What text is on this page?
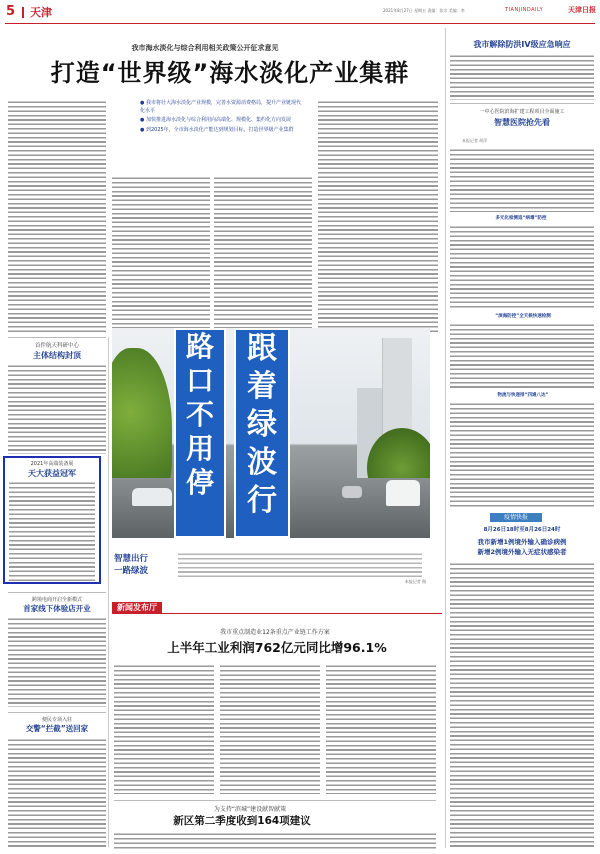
5 天津	2021年8月27日 星期五 责编：张宗 美编：李	TIANJINDAILY	天津日报
我市海水淡化与综合利用相关政策公开征求意见
打造“世界级”海水淡化产业集群
● 我市将壮大海水淡化产业规模，完善水资源消费格局，提升产业链现代化水平
● 加快推进海水淡化与综合利用向高端化、规模化、集约化方向发展
● 到2025年，全市海水淡化产能达到规划目标，打造世界级产业集群
首件航天科研中心
主体结构封顶
2021年高端装备展
天大获益冠军
跨境电商开启全新模式
首家线下体验店开业
便民专项入驻
交警“拦截”送回家
路
口
不
用
停
跟
着
绿
波
行
智慧出行
一路绿波
本报记者 摄
新闻发布厅
我市重点制造业12条重点产业链工作方案
上半年工业利润762亿元同比增96.1%
为支持“滨城”建设献智献策
新区第二季度收到164项建议
我市解除防洪IV级应急响应
一中心医院滨海扩建工程项目全面施工
智慧医院抢先看
本报记者 胡萍
多元化检测追“病毒”防控
“滨海防控”全天候快速检测
物流与快递排“四通八达”
疫情快报
8月26日18时至8月26日24时
我市新增1例境外输入确诊病例
新增2例境外输入无症状感染者
